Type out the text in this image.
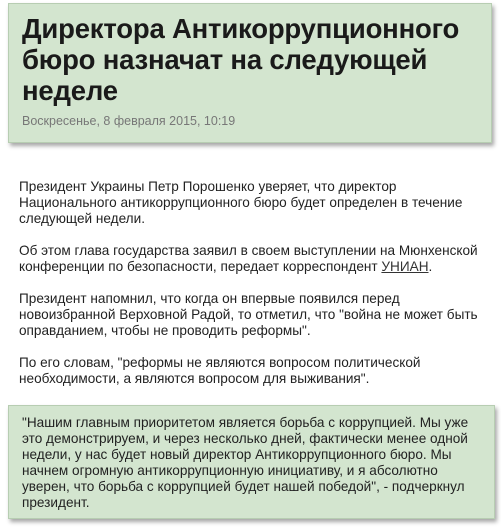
Директора Антикоррупционного бюро назначат на следующей неделе
Воскресенье, 8 февраля 2015, 10:19

Президент Украины Петр Порошенко уверяет, что директор Национального антикоррупционного бюро будет определен в течение следующей недели.

Об этом глава государства заявил в своем выступлении на Мюнхенской конференции по безопасности, передает корреспондент УНИАН.

Президент напомнил, что когда он впервые появился перед новоизбранной Верховной Радой, то отметил, что "война не может быть оправданием, чтобы не проводить реформы".

По его словам, "реформы не являются вопросом политической необходимости, а являются вопросом для выживания".

"Нашим главным приоритетом является борьба с коррупцией. Мы уже это демонстрируем, и через несколько дней, фактически менее одной недели, у нас будет новый директор Антикоррупционного бюро. Мы начнем огромную антикоррупционную инициативу, и я абсолютно уверен, что борьба с коррупцией будет нашей победой", - подчеркнул президент.
